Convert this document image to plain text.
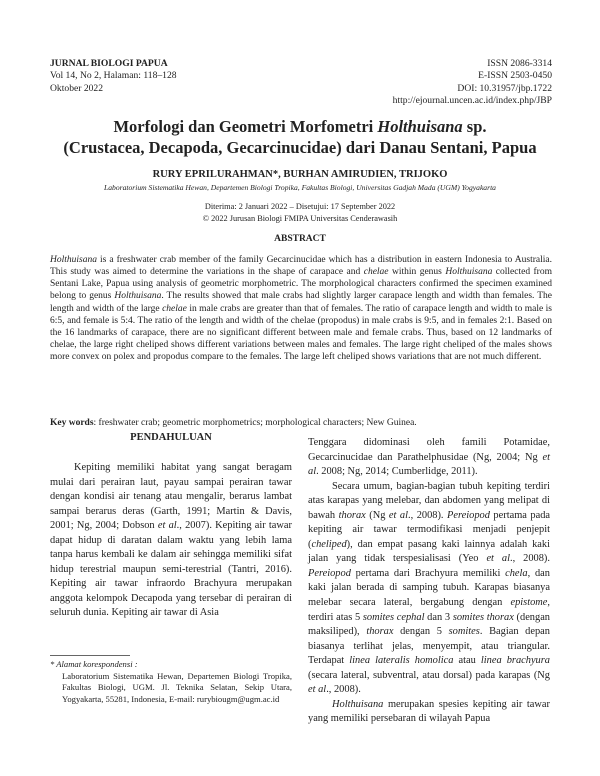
JURNAL BIOLOGI PAPUA
Vol 14, No 2, Halaman: 118–128
Oktober 2022
ISSN 2086-3314
E-ISSN 2503-0450
DOI: 10.31957/jbp.1722
http://ejournal.uncen.ac.id/index.php/JBP
Morfologi dan Geometri Morfometri Holthuisana sp.
(Crustacea, Decapoda, Gecarcinucidae) dari Danau Sentani, Papua
RURY EPRILURAHMAN*, BURHAN AMIRUDIEN, TRIJOKO
Laboratorium Sistematika Hewan, Departemen Biologi Tropika, Fakultas Biologi, Universitas Gadjah Mada (UGM) Yogyakarta
Diterima: 2 Januari 2022 – Disetujui: 17 September 2022
© 2022 Jurusan Biologi FMIPA Universitas Cenderawasih
ABSTRACT
Holthuisana is a freshwater crab member of the family Gecarcinucidae which has a distribution in eastern Indonesia to Australia. This study was aimed to determine the variations in the shape of carapace and chelae within genus Holthuisana collected from Sentani Lake, Papua using analysis of geometric morphometric. The morphological characters confirmed the specimen examined belong to genus Holthuisana. The results showed that male crabs had slightly larger carapace length and width than females. The length and width of the large chelae in male crabs are greater than that of females. The ratio of carapace length and width to male is 6:5, and female is 5:4. The ratio of the length and width of the chelae (propodus) in male crabs is 9:5, and in females 2:1. Based on the 16 landmarks of carapace, there are no significant different between male and female crabs. Thus, based on 12 landmarks of chelae, the large right cheliped shows different variations between males and females. The large right cheliped of the males shows more convex on polex and propodus compare to the females. The large left cheliped shows variations that are not much different.
Key words: freshwater crab; geometric morphometrics; morphological characters; New Guinea.
PENDAHULUAN

Kepiting memiliki habitat yang sangat beragam mulai dari perairan laut, payau sampai perairan tawar dengan kondisi air tenang atau mengalir, berarus lambat sampai berarus deras (Garth, 1991; Martin & Davis, 2001; Ng, 2004; Dobson et al., 2007). Kepiting air tawar dapat hidup di daratan dalam waktu yang lebih lama tanpa harus kembali ke dalam air sehingga memiliki sifat hidup terestrial maupun semi-terestrial (Tantri, 2016). Kepiting air tawar infraordo Brachyura merupakan anggota kelompok Decapoda yang tersebar di perairan di seluruh dunia. Kepiting air tawar di Asia

* Alamat korespondensi :
Laboratorium Sistematika Hewan, Departemen Biologi Tropika, Fakultas Biologi, UGM. Jl. Teknika Selatan, Sekip Utara, Yogyakarta, 55281, Indonesia, E-mail: rurybiougm@ugm.ac.id

Tenggara didominasi oleh famili Potamidae, Gecarcinucidae dan Parathelphusidae (Ng, 2004; Ng et al. 2008; Ng, 2014; Cumberlidge, 2011).

Secara umum, bagian-bagian tubuh kepiting terdiri atas karapas yang melebar, dan abdomen yang melipat di bawah thorax (Ng et al., 2008). Pereiopod pertama pada kepiting air tawar termodifikasi menjadi penjepit (cheliped), dan empat pasang kaki lainnya adalah kaki jalan yang tidak terspesialisasi (Yeo et al., 2008). Pereiopod pertama dari Brachyura memiliki chela, dan kaki jalan berada di samping tubuh. Karapas biasanya melebar secara lateral, bergabung dengan epistome, terdiri atas 5 somites cephal dan 3 somites thorax (dengan maksiliped), thorax dengan 5 somites. Bagian depan biasanya terlihat jelas, menyempit, atau triangular. Terdapat linea lateralis homolica atau linea brachyura (secara lateral, subventral, atau dorsal) pada karapas (Ng et al., 2008).

Holthuisana merupakan spesies kepiting air tawar yang memiliki persebaran di wilayah Papua
